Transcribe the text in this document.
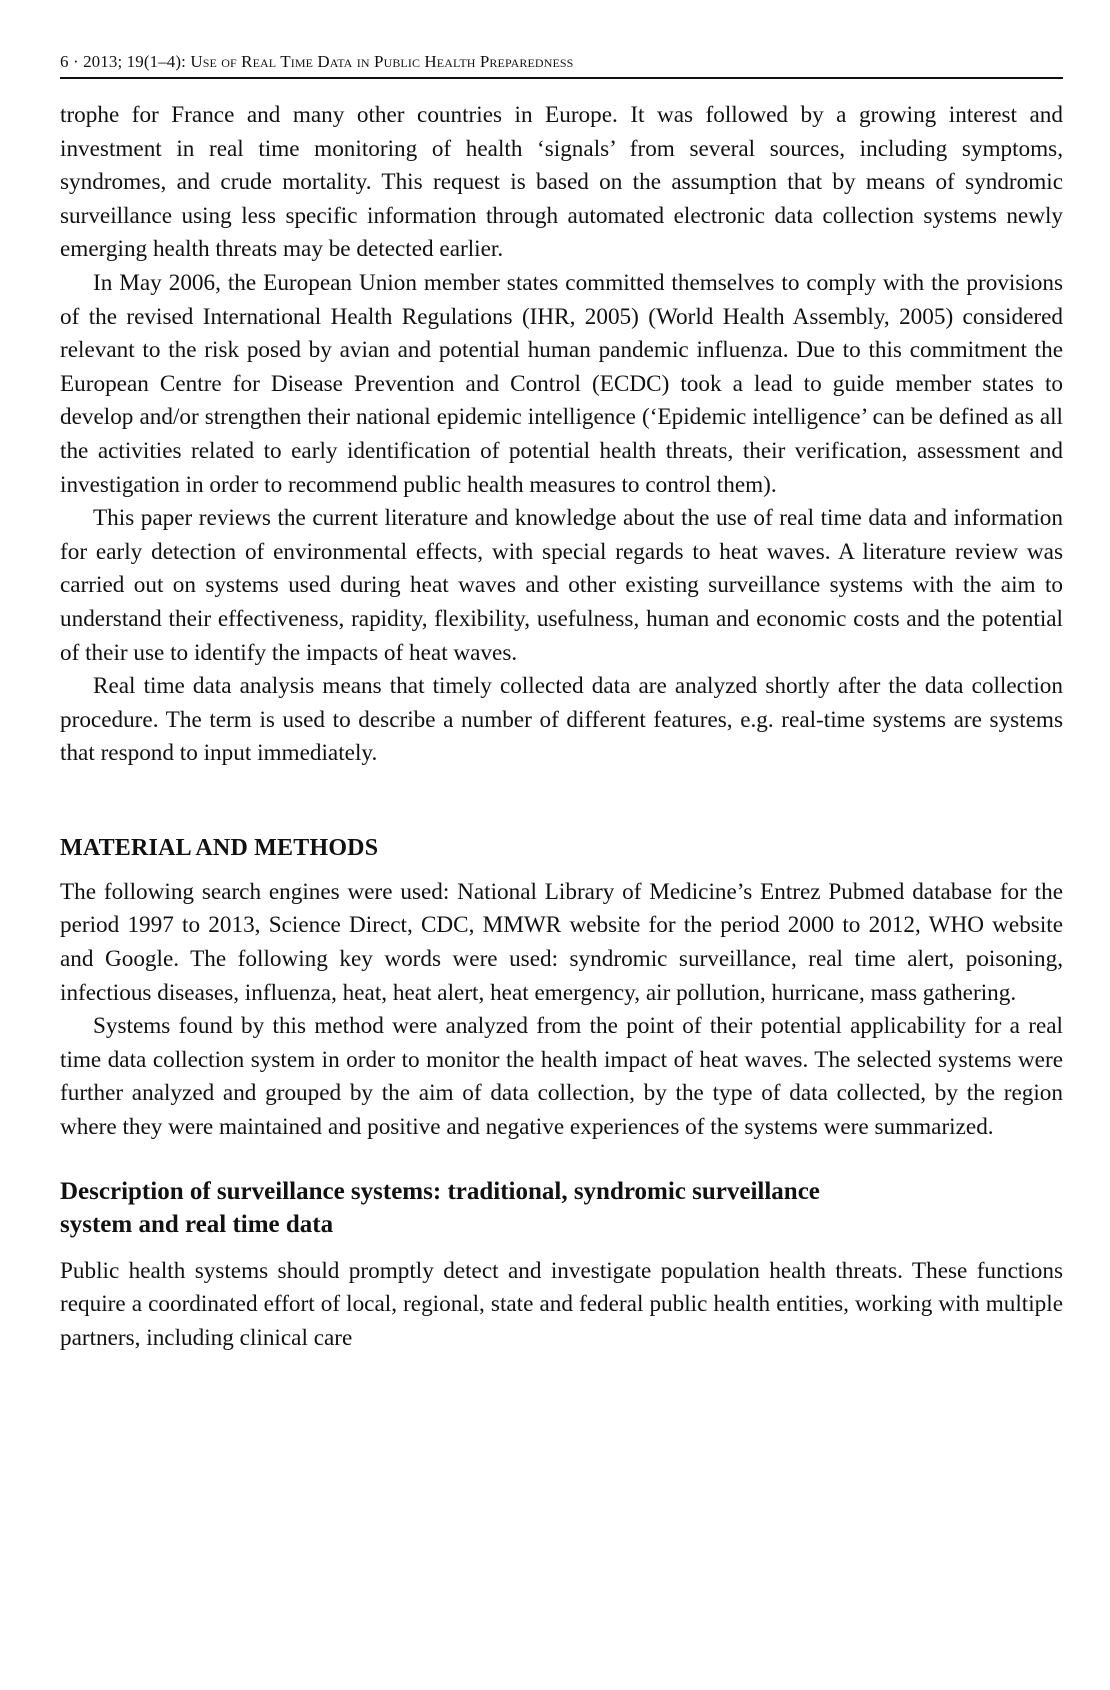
6 · 2013; 19(1–4): Use of Real Time Data in Public Health Preparedness

trophe for France and many other countries in Europe. It was followed by a growing interest and investment in real time monitoring of health ‘signals’ from several sources, including symptoms, syndromes, and crude mortality. This request is based on the assumption that by means of syndromic surveillance using less specific information through automated electronic data collection systems newly emerging health threats may be detected earlier.

In May 2006, the European Union member states committed themselves to comply with the provisions of the revised International Health Regulations (IHR, 2005) (World Health Assembly, 2005) considered relevant to the risk posed by avian and potential human pandemic influenza. Due to this commitment the European Centre for Disease Prevention and Control (ECDC) took a lead to guide member states to develop and/or strengthen their national epidemic intelligence (‘Epidemic intelligence’ can be defined as all the activities related to early identification of potential health threats, their verification, assessment and investigation in order to recommend public health measures to control them).

This paper reviews the current literature and knowledge about the use of real time data and information for early detection of environmental effects, with special regards to heat waves. A literature review was carried out on systems used during heat waves and other existing surveillance systems with the aim to understand their effectiveness, rapidity, flexibility, usefulness, human and economic costs and the potential of their use to identify the impacts of heat waves.

Real time data analysis means that timely collected data are analyzed shortly after the data collection procedure. The term is used to describe a number of different features, e.g. real-time systems are systems that respond to input immediately.

MATERIAL AND METHODS

The following search engines were used: National Library of Medicine’s Entrez Pubmed database for the period 1997 to 2013, Science Direct, CDC, MMWR website for the period 2000 to 2012, WHO website and Google. The following key words were used: syndromic surveillance, real time alert, poisoning, infectious diseases, influenza, heat, heat alert, heat emergency, air pollution, hurricane, mass gathering.

Systems found by this method were analyzed from the point of their potential applicability for a real time data collection system in order to monitor the health impact of heat waves. The selected systems were further analyzed and grouped by the aim of data collection, by the type of data collected, by the region where they were maintained and positive and negative experiences of the systems were summarized.

Description of surveillance systems: traditional, syndromic surveillance system and real time data

Public health systems should promptly detect and investigate population health threats. These functions require a coordinated effort of local, regional, state and federal public health entities, working with multiple partners, including clinical care
